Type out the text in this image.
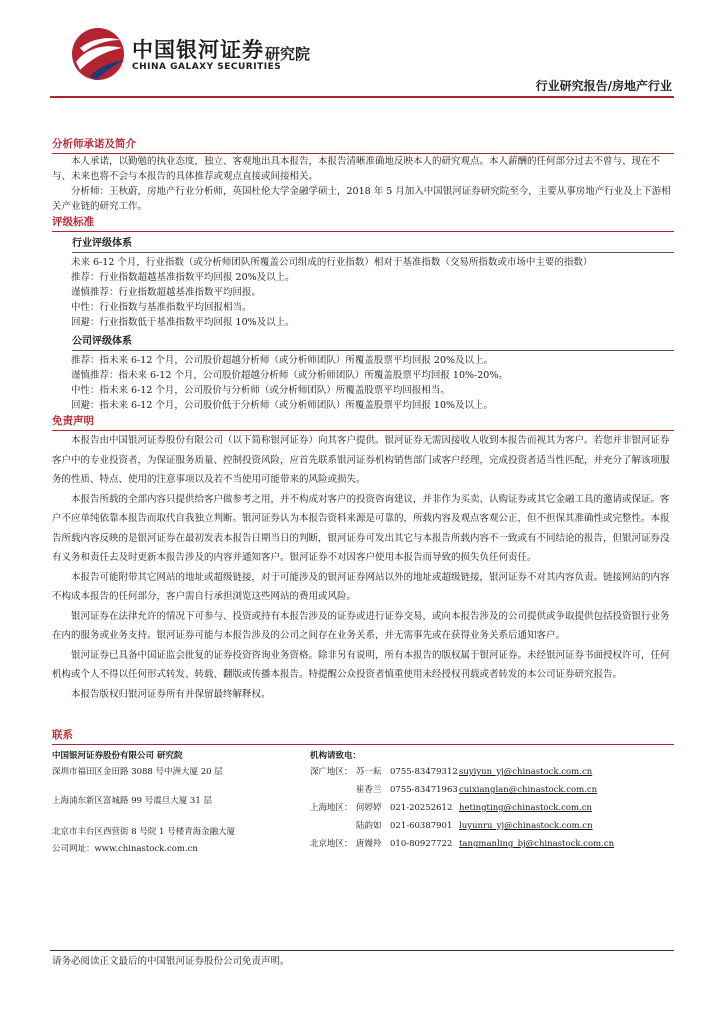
中国银河证券
CHINA GALAXY SECURITIES
研究院
行业研究报告/房地产行业
分析师承诺及简介
本人承诺，以勤勉的执业态度，独立、客观地出具本报告，本报告清晰准确地反映本人的研究观点。本人薪酬的任何部分过去不曾与、现在不与、未来也将不会与本报告的具体推荐或观点直接或间接相关。
分析师：王秋蔚，房地产行业分析师，英国杜伦大学金融学硕士，2018 年 5 月加入中国银河证券研究院至今，主要从事房地产行业及上下游相关产业链的研究工作。
评级标准
行业评级体系
未来 6-12 个月，行业指数（或分析师团队所覆盖公司组成的行业指数）相对于基准指数（交易所指数或市场中主要的指数）
推荐：行业指数超越基准指数平均回报 20%及以上。
谨慎推荐：行业指数超越基准指数平均回报。
中性：行业指数与基准指数平均回报相当。
回避：行业指数低于基准指数平均回报 10%及以上。
公司评级体系
推荐：指未来 6-12 个月，公司股价超越分析师（或分析师团队）所覆盖股票平均回报 20%及以上。
谨慎推荐：指未来 6-12 个月，公司股价超越分析师（或分析师团队）所覆盖股票平均回报 10%-20%。
中性：指未来 6-12 个月，公司股价与分析师（或分析师团队）所覆盖股票平均回报相当。
回避：指未来 6-12 个月，公司股价低于分析师（或分析师团队）所覆盖股票平均回报 10%及以上。
免责声明

本报告由中国银河证券股份有限公司（以下简称银河证券）向其客户提供。银河证券无需因接收人收到本报告而视其为客户。若您并非银河证券客户中的专业投资者，为保证服务质量、控制投资风险，应首先联系银河证券机构销售部门或客户经理，完成投资者适当性匹配，并充分了解该项服务的性质、特点、使用的注意事项以及若不当使用可能带来的风险或损失。

本报告所载的全部内容只提供给客户做参考之用，并不构成对客户的投资咨询建议，并非作为买卖、认购证券或其它金融工具的邀请或保证。客户不应单纯依靠本报告而取代自我独立判断。银河证券认为本报告资料来源是可靠的，所载内容及观点客观公正，但不担保其准确性或完整性。本报告所载内容反映的是银河证券在最初发表本报告日期当日的判断，银河证券可发出其它与本报告所载内容不一致或有不同结论的报告，但银河证券没有义务和责任去及时更新本报告涉及的内容并通知客户。银河证券不对因客户使用本报告而导致的损失负任何责任。

本报告可能附带其它网站的地址或超级链接，对于可能涉及的银河证券网站以外的地址或超级链接，银河证券不对其内容负责。链接网站的内容不构成本报告的任何部分，客户需自行承担浏览这些网站的费用或风险。

银河证券在法律允许的情况下可参与、投资或持有本报告涉及的证券或进行证券交易，或向本报告涉及的公司提供或争取提供包括投资银行业务在内的服务或业务支持。银河证券可能与本报告涉及的公司之间存在业务关系，并无需事先或在获得业务关系后通知客户。

银河证券已具备中国证监会批复的证券投资咨询业务资格。除非另有说明，所有本报告的版权属于银河证券。未经银河证券书面授权许可，任何机构或个人不得以任何形式转发、转载、翻版或传播本报告。特提醒公众投资者慎重使用未经授权刊载或者转发的本公司证券研究报告。

本报告版权归银河证券所有并保留最终解释权。

联系
中国银河证券股份有限公司 研究院
深圳市福田区金田路 3088 号中洲大厦 20 层
上海浦东新区富城路 99 号震旦大厦 31 层
北京市丰台区西营街 8 号院 1 号楼青海金融大厦
公司网址：www.chinastock.com.cn
机构请致电：
深广地区： 苏一耘 0755-83479312 suyiyun_yj@chinastock.com.cn
崔香兰 0755-83471963 cuixianglan@chinastock.com.cn
上海地区： 何婷婷 021-20252612 hetingting@chinastock.com.cn
陆韵如 021-60387901 luyunru_yj@chinastock.com.cn
北京地区： 唐嫚羚 010-80927722 tangmanling_bj@chinastock.com.cn
请务必阅读正文最后的中国银河证券股份公司免责声明。
